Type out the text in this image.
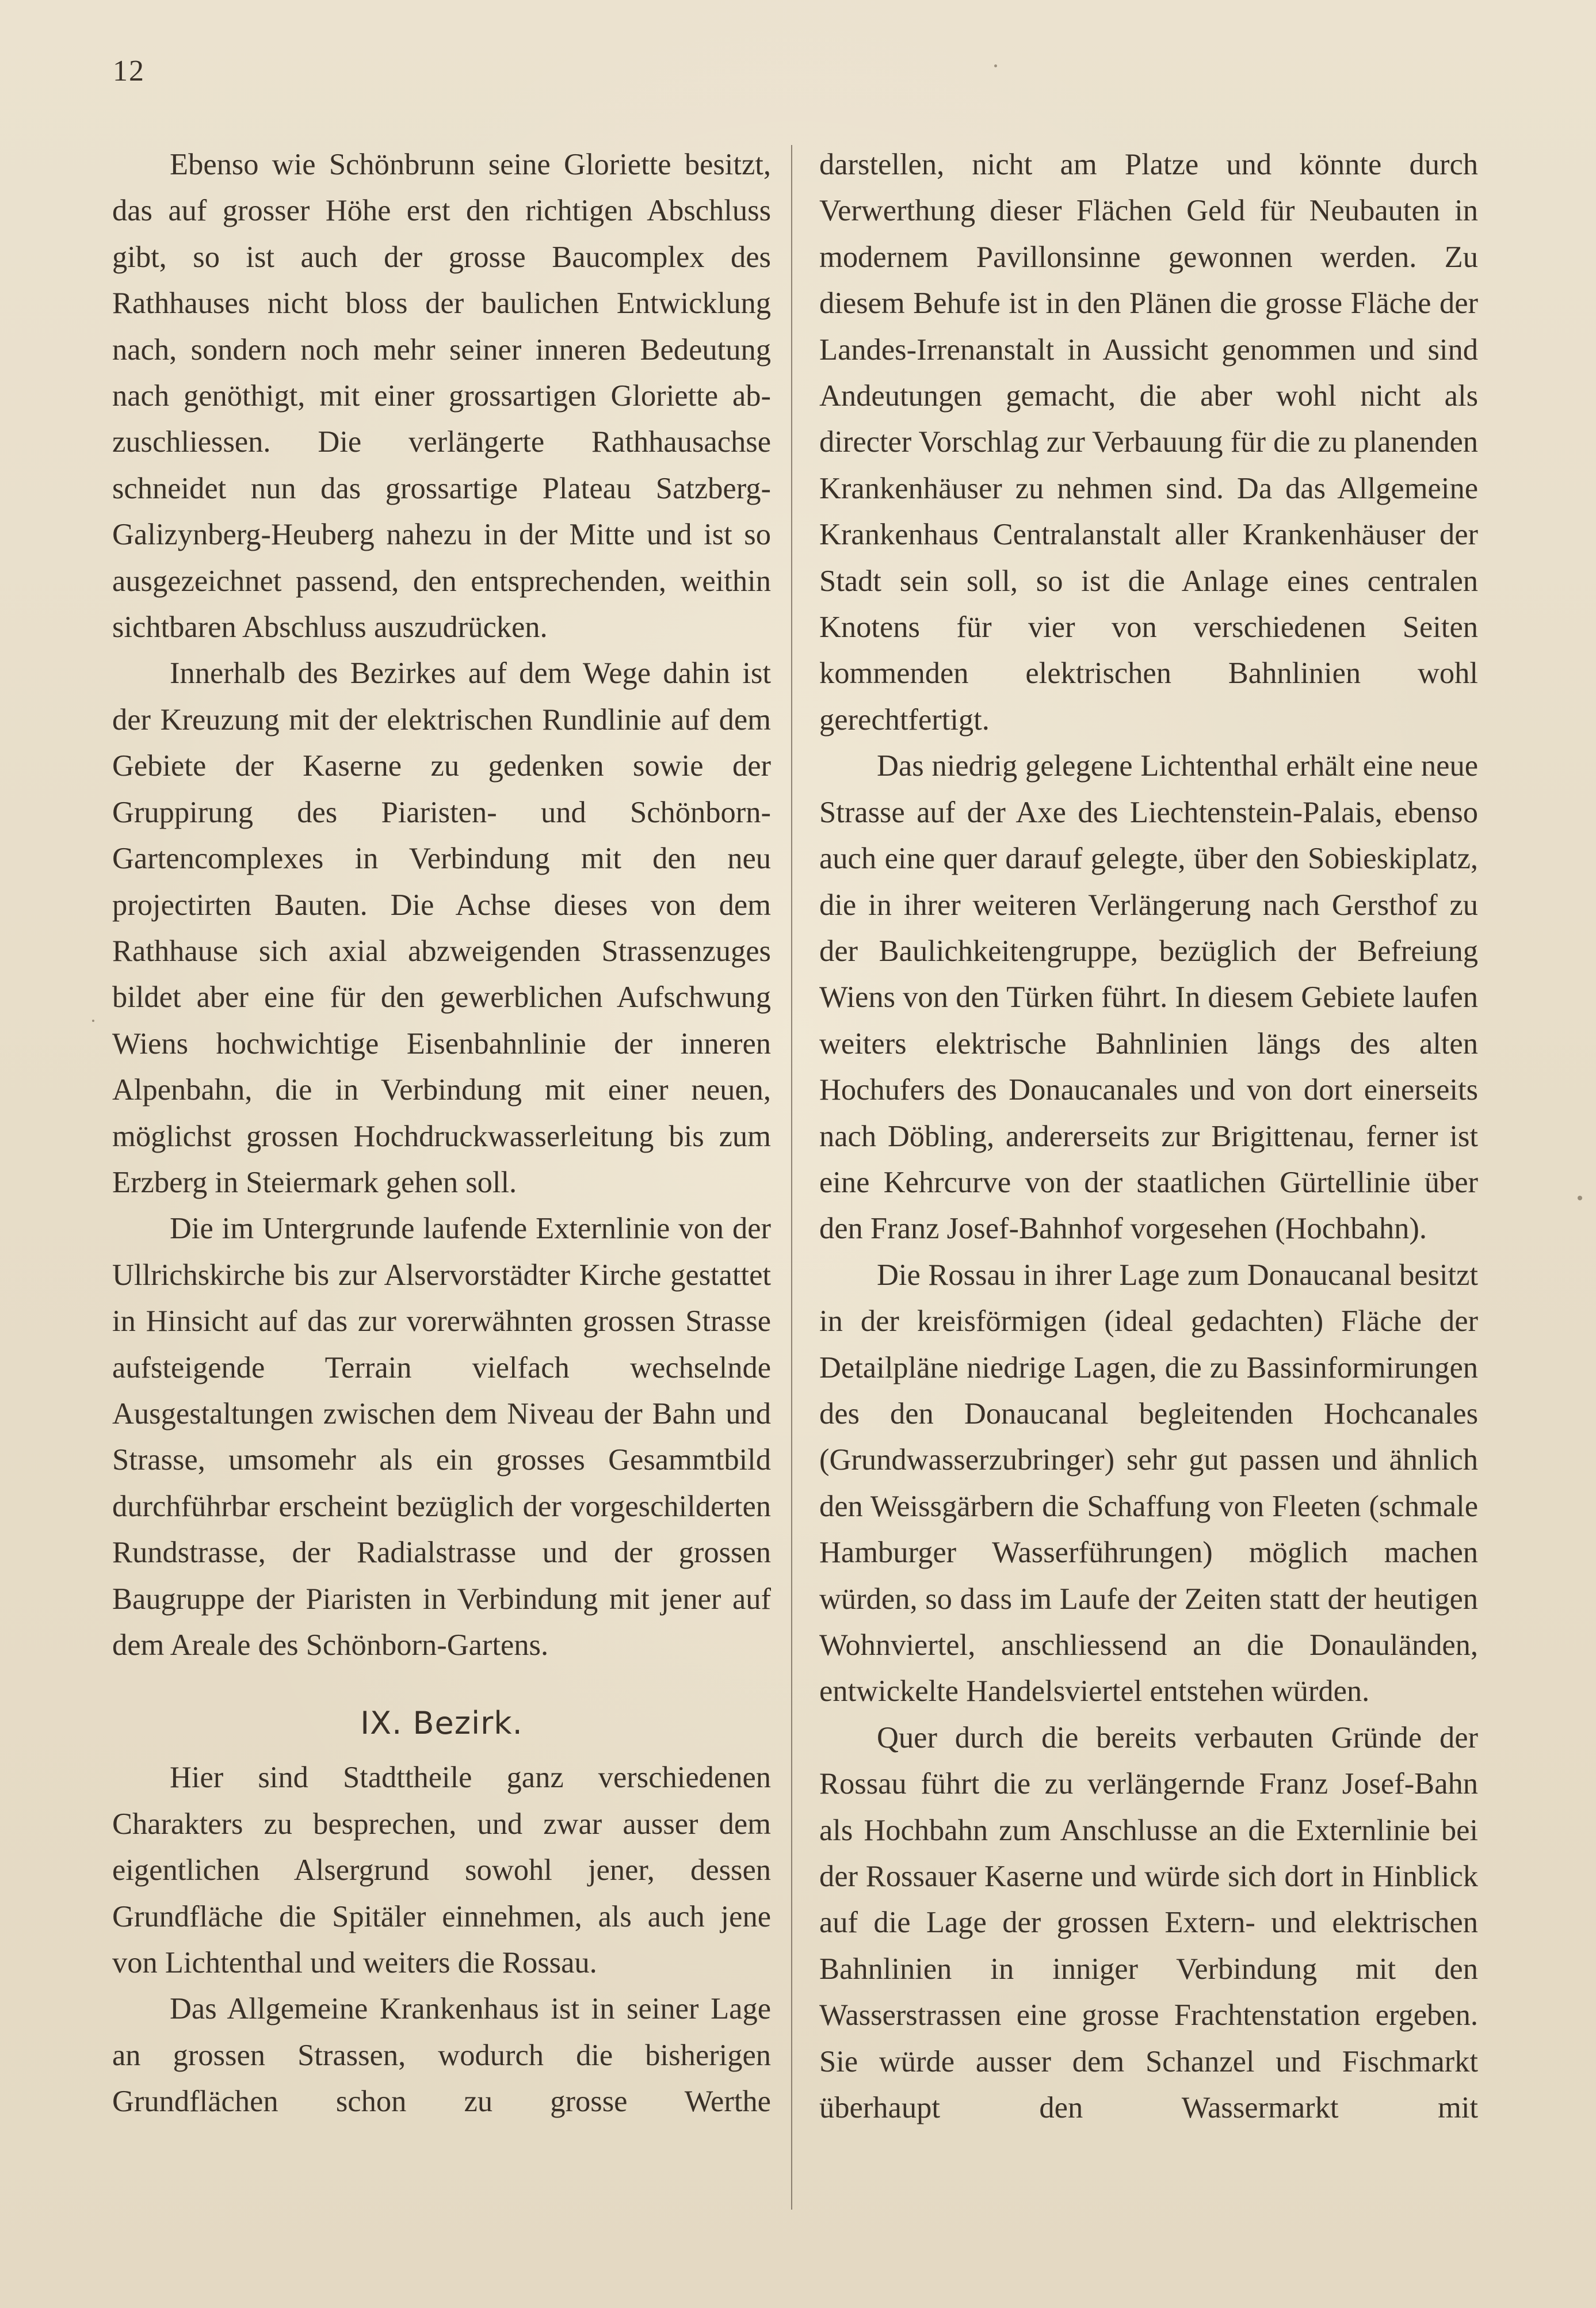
12

Ebenso wie Schönbrunn seine Gloriette besitzt, das auf grosser Höhe erst den richtigen Abschluss gibt, so ist auch der grosse Baucomplex des Rathhauses nicht bloss der baulichen Entwicklung nach, sondern noch mehr seiner inneren Bedeutung nach genöthigt, mit einer grossartigen Gloriette abzuschliessen. Die verlängerte Rathhausachse schneidet nun das grossartige Plateau Satzberg-Galizynberg-Heuberg nahezu in der Mitte und ist so ausgezeichnet passend, den entsprechenden, weithin sichtbaren Abschluss auszudrücken.

Innerhalb des Bezirkes auf dem Wege dahin ist der Kreuzung mit der elektrischen Rundlinie auf dem Gebiete der Kaserne zu gedenken sowie der Gruppirung des Piaristen- und Schönborn-Gartencomplexes in Verbindung mit den neu projectirten Bauten. Die Achse dieses von dem Rathhause sich axial abzweigenden Strassenzuges bildet aber eine für den gewerblichen Aufschwung Wiens hochwichtige Eisenbahnlinie der inneren Alpenbahn, die in Verbindung mit einer neuen, möglichst grossen Hochdruckwasserleitung bis zum Erzberg in Steiermark gehen soll.

Die im Untergrunde laufende Externlinie von der Ullrichskirche bis zur Alservorstädter Kirche gestattet in Hinsicht auf das zur vorerwähnten grossen Strasse aufsteigende Terrain vielfach wechselnde Ausgestaltungen zwischen dem Niveau der Bahn und Strasse, umsomehr als ein grosses Gesammtbild durchführbar erscheint bezüglich der vorgeschilderten Rundstrasse, der Radialstrasse und der grossen Baugruppe der Piaristen in Verbindung mit jener auf dem Areale des Schönborn-Gartens.

IX. Bezirk.

Hier sind Stadttheile ganz verschiedenen Charakters zu besprechen, und zwar ausser dem eigentlichen Alsergrund sowohl jener, dessen Grundfläche die Spitäler einnehmen, als auch jene von Lichtenthal und weiters die Rossau.

Das Allgemeine Krankenhaus ist in seiner Lage an grossen Strassen, wodurch die bisherigen Grundflächen schon zu grosse Werthe

darstellen, nicht am Platze und könnte durch Verwerthung dieser Flächen Geld für Neubauten in modernem Pavillonsinne gewonnen werden. Zu diesem Behufe ist in den Plänen die grosse Fläche der Landes-Irrenanstalt in Aussicht genommen und sind Andeutungen gemacht, die aber wohl nicht als directer Vorschlag zur Verbauung für die zu planenden Krankenhäuser zu nehmen sind. Da das Allgemeine Krankenhaus Centralanstalt aller Krankenhäuser der Stadt sein soll, so ist die Anlage eines centralen Knotens für vier von verschiedenen Seiten kommenden elektrischen Bahnlinien wohl gerechtfertigt.

Das niedrig gelegene Lichtenthal erhält eine neue Strasse auf der Axe des Liechtenstein-Palais, ebenso auch eine quer darauf gelegte, über den Sobieskiplatz, die in ihrer weiteren Verlängerung nach Gersthof zu der Baulichkeitengruppe, bezüglich der Befreiung Wiens von den Türken führt. In diesem Gebiete laufen weiters elektrische Bahnlinien längs des alten Hochufers des Donaucanales und von dort einerseits nach Döbling, andererseits zur Brigittenau, ferner ist eine Kehrcurve von der staatlichen Gürtellinie über den Franz Josef-Bahnhof vorgesehen (Hochbahn).

Die Rossau in ihrer Lage zum Donaucanal besitzt in der kreisförmigen (ideal gedachten) Fläche der Detailpläne niedrige Lagen, die zu Bassinformirungen des den Donaucanal begleitenden Hochcanales (Grundwasserzubringer) sehr gut passen und ähnlich den Weissgärbern die Schaffung von Fleeten (schmale Hamburger Wasserführungen) möglich machen würden, so dass im Laufe der Zeiten statt der heutigen Wohnviertel, anschliessend an die Donauländen, entwickelte Handelsviertel entstehen würden.

Quer durch die bereits verbauten Gründe der Rossau führt die zu verlängernde Franz Josef-Bahn als Hochbahn zum Anschlusse an die Externlinie bei der Rossauer Kaserne und würde sich dort in Hinblick auf die Lage der grossen Extern- und elektrischen Bahnlinien in inniger Verbindung mit den Wasserstrassen eine grosse Frachtenstation ergeben. Sie würde ausser dem Schanzel und Fischmarkt überhaupt den Wassermarkt mit
